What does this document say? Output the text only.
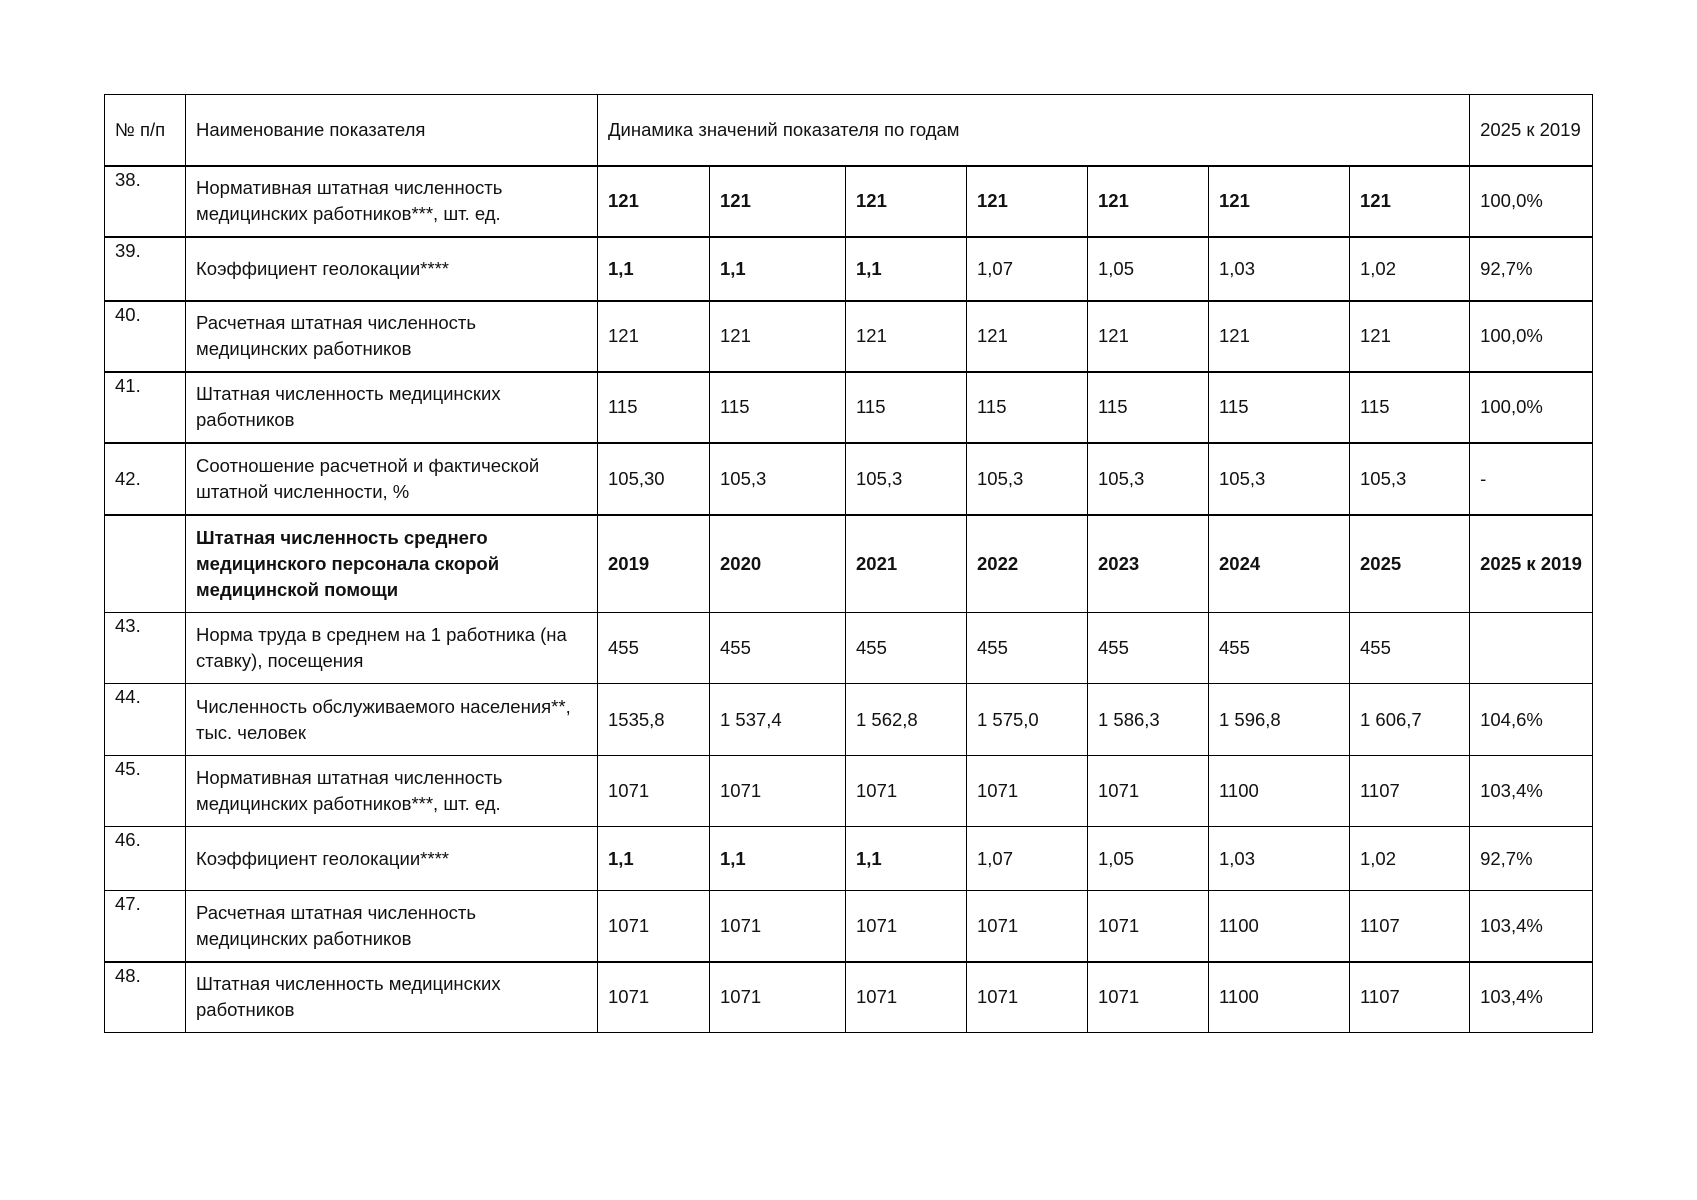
№ п/п	Наименование показателя	Динамика значений показателя по годам							2025 к 2019
38.	Нормативная штатная численность медицинских работников***, шт. ед.	121	121	121	121	121	121	121	100,0%
39.	Коэффициент геолокации****	1,1	1,1	1,1	1,07	1,05	1,03	1,02	92,7%
40.	Расчетная штатная численность медицинских работников	121	121	121	121	121	121	121	100,0%
41.	Штатная численность медицинских работников	115	115	115	115	115	115	115	100,0%
42.	Соотношение расчетной и фактической штатной численности, %	105,30	105,3	105,3	105,3	105,3	105,3	105,3	-
	Штатная численность среднего медицинского персонала скорой медицинской помощи	2019	2020	2021	2022	2023	2024	2025	2025 к 2019
43.	Норма труда в среднем на 1 работника (на ставку), посещения	455	455	455	455	455	455	455	
44.	Численность обслуживаемого населения**, тыс. человек	1535,8	1 537,4	1 562,8	1 575,0	1 586,3	1 596,8	1 606,7	104,6%
45.	Нормативная штатная численность медицинских работников***, шт. ед.	1071	1071	1071	1071	1071	1100	1107	103,4%
46.	Коэффициент геолокации****	1,1	1,1	1,1	1,07	1,05	1,03	1,02	92,7%
47.	Расчетная штатная численность медицинских работников	1071	1071	1071	1071	1071	1100	1107	103,4%
48.	Штатная численность медицинских работников	1071	1071	1071	1071	1071	1100	1107	103,4%
